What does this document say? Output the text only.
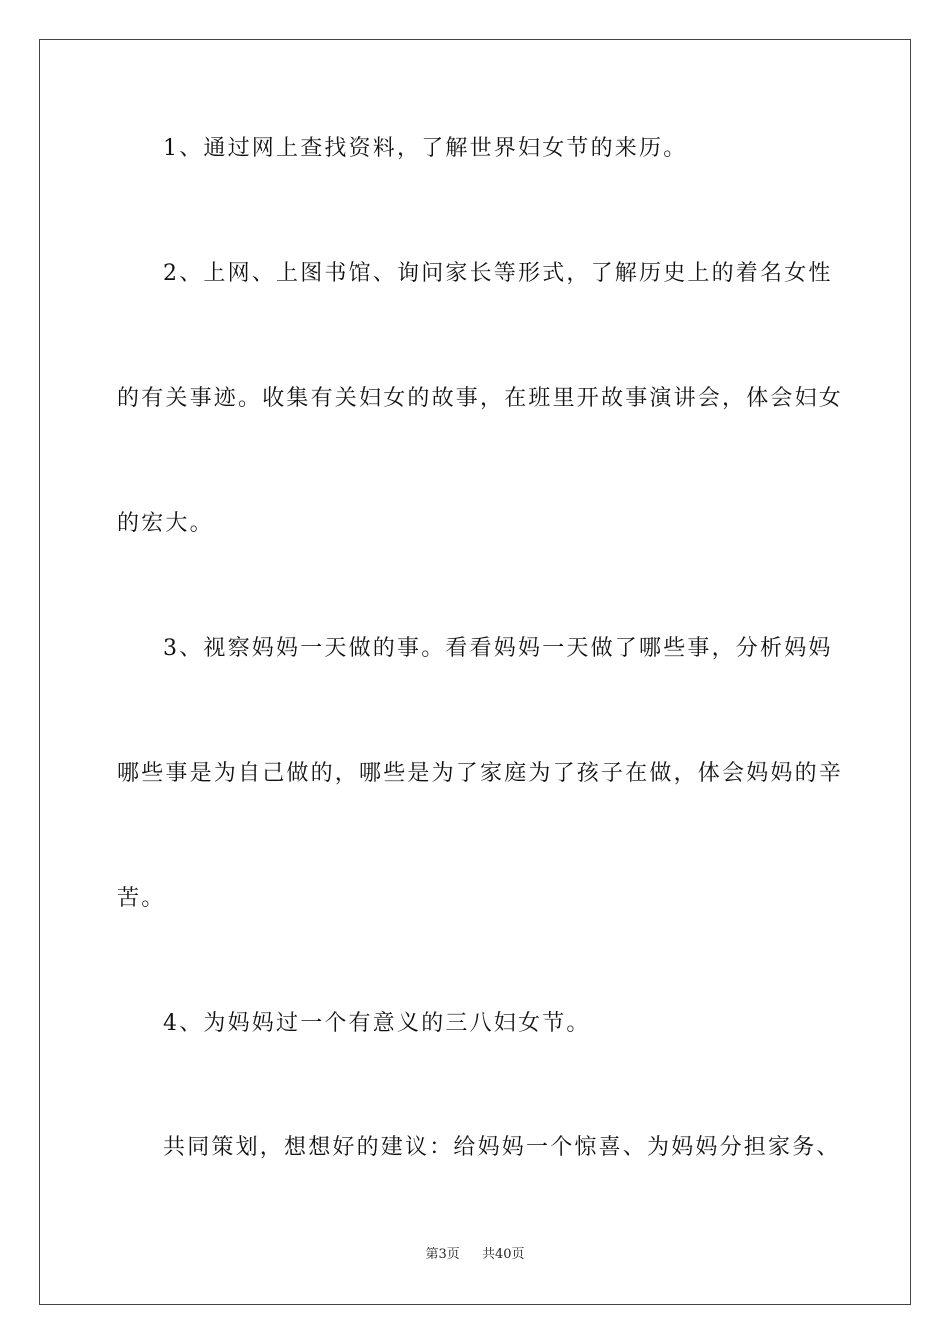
1、通过网上查找资料，了解世界妇女节的来历。
2、上网、上图书馆、询问家长等形式，了解历史上的着名女性
的有关事迹。收集有关妇女的故事，在班里开故事演讲会，体会妇女
的宏大。
3、视察妈妈一天做的事。看看妈妈一天做了哪些事，分析妈妈
哪些事是为自己做的，哪些是为了家庭为了孩子在做，体会妈妈的辛
苦。
4、为妈妈过一个有意义的三八妇女节。
共同策划，想想好的建议：给妈妈一个惊喜、为妈妈分担家务、
第3页 共40页
